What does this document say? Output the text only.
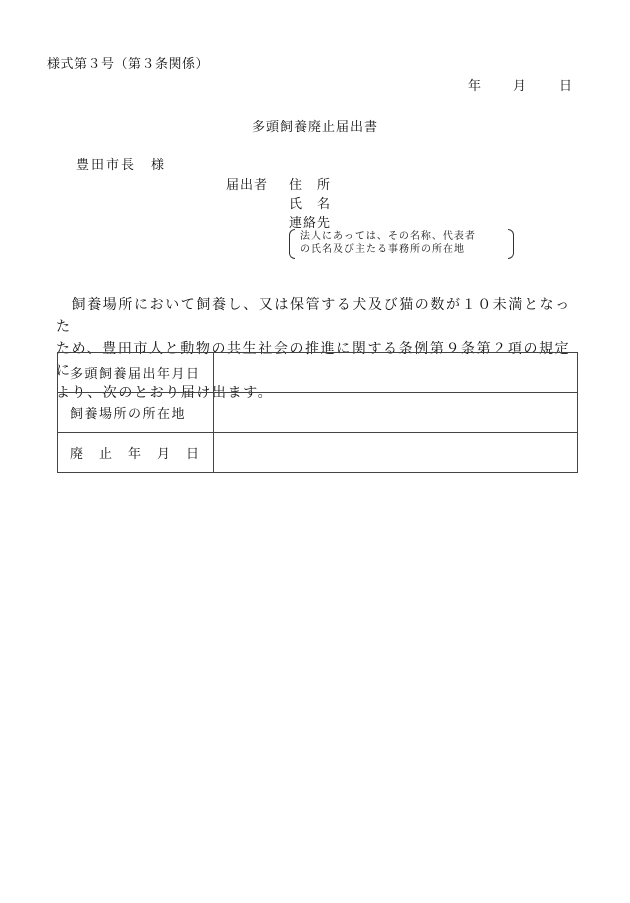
様式第３号（第３条関係）
年 月	日
多頭飼養廃止届出書
豊田市長　様
届出者 住　所
氏　名
連絡先
法人にあっては、その名称、代表者
の氏名及び主たる事務所の所在地
　飼養場所において飼養し、又は保管する犬及び猫の数が１０未満となった
ため、豊田市人と動物の共生社会の推進に関する条例第９条第２項の規定に
より、次のとおり届け出ます。
多頭飼養届出年月日	
飼養場所の所在地	
廃　止　年　月　日	
